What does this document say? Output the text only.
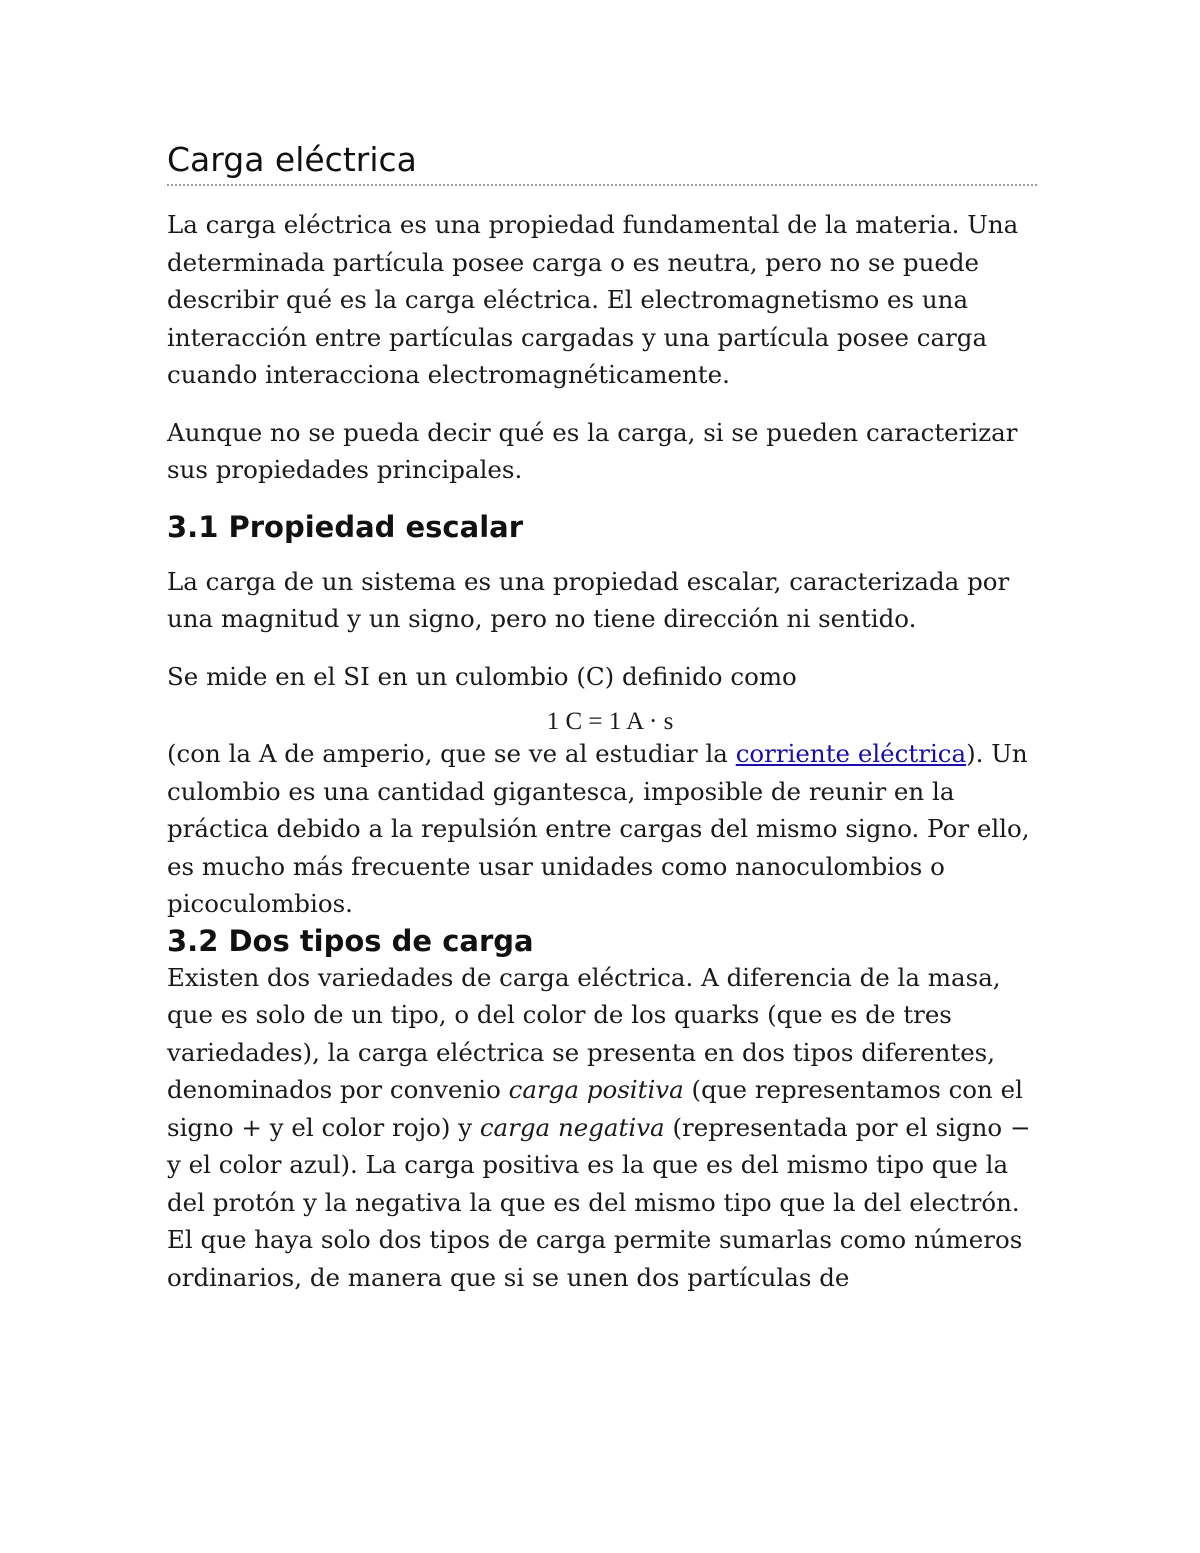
Carga eléctrica

La carga eléctrica es una propiedad fundamental de la materia. Una determinada partícula posee carga o es neutra, pero no se puede describir qué es la carga eléctrica. El electromagnetismo es una interacción entre partículas cargadas y una partícula posee carga cuando interacciona electromagnéticamente.

Aunque no se pueda decir qué es la carga, si se pueden caracterizar sus propiedades principales.

3.1 Propiedad escalar

La carga de un sistema es una propiedad escalar, caracterizada por una magnitud y un signo, pero no tiene dirección ni sentido.

Se mide en el SI en un culombio (C) definido como

1 C = 1 A · s

(con la A de amperio, que se ve al estudiar la corriente eléctrica). Un culombio es una cantidad gigantesca, imposible de reunir en la práctica debido a la repulsión entre cargas del mismo signo. Por ello, es mucho más frecuente usar unidades como nanoculombios o picoculombios.

3.2 Dos tipos de carga

Existen dos variedades de carga eléctrica. A diferencia de la masa, que es solo de un tipo, o del color de los quarks (que es de tres variedades), la carga eléctrica se presenta en dos tipos diferentes, denominados por convenio carga positiva (que representamos con el signo + y el color rojo) y carga negativa (representada por el signo − y el color azul). La carga positiva es la que es del mismo tipo que la del protón y la negativa la que es del mismo tipo que la del electrón.

El que haya solo dos tipos de carga permite sumarlas como números ordinarios, de manera que si se unen dos partículas de
